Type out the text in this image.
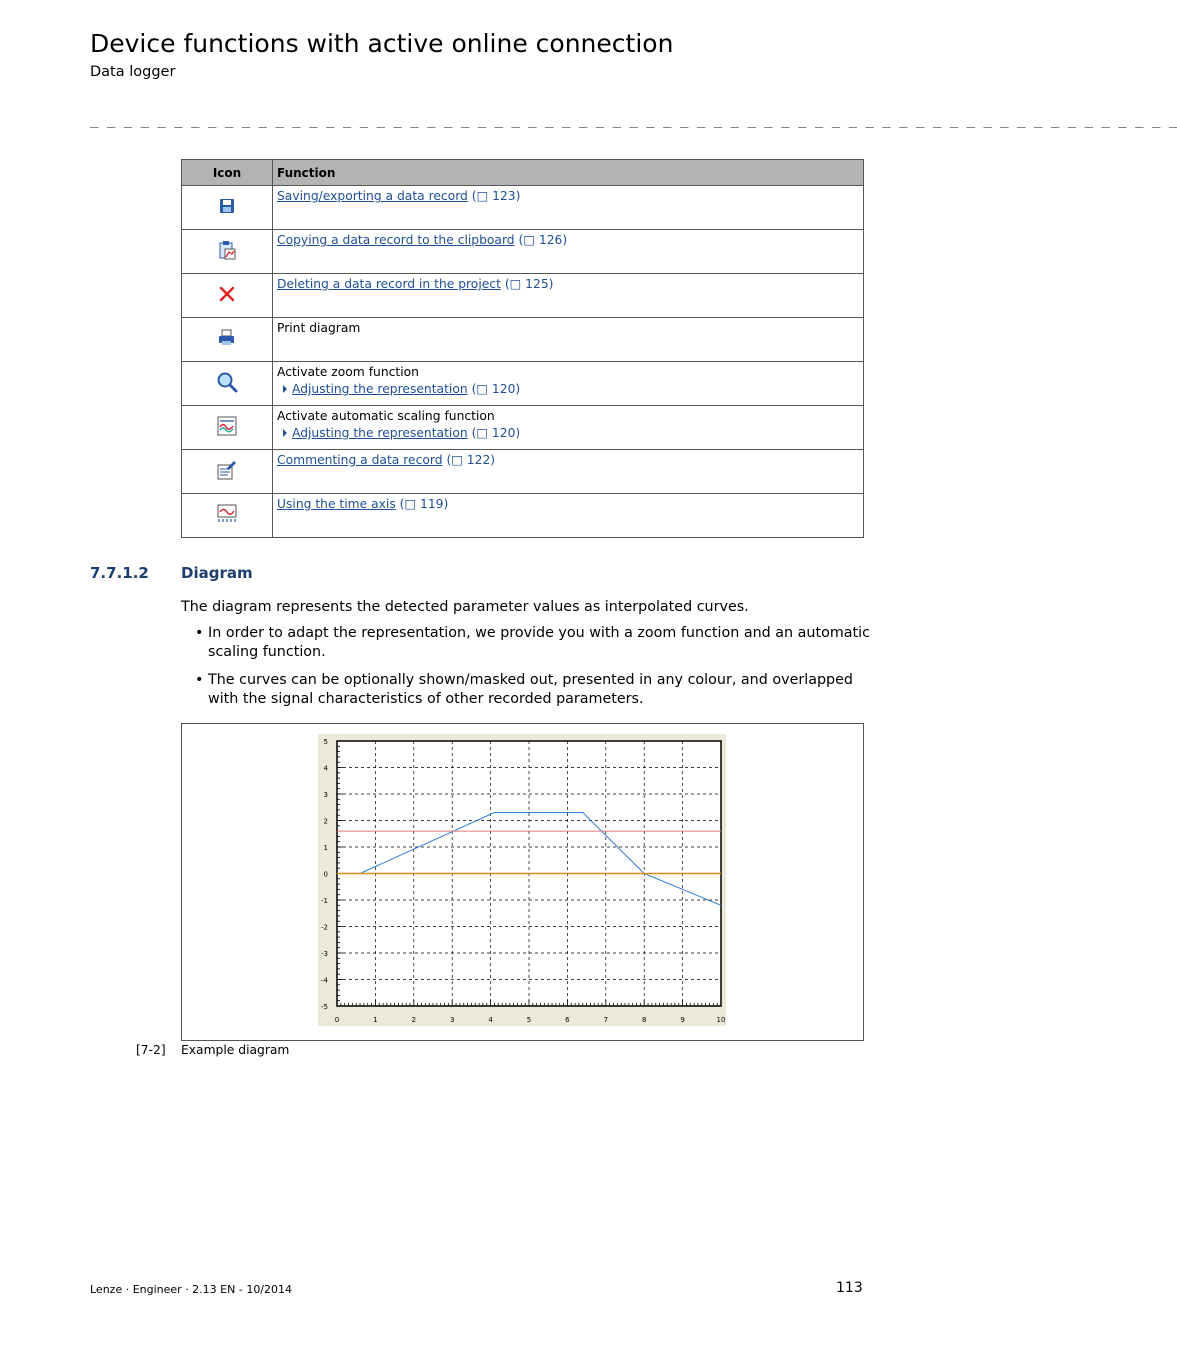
Device functions with active online connection
Data logger
_ _ _ _ _ _ _ _ _ _ _ _ _ _ _ _ _ _ _ _ _ _ _ _ _ _ _ _ _ _ _ _ _ _ _ _ _ _ _ _ _ _ _ _ _ _ _ _ _ _ _ _ _ _ _ _ _ _ _ _ _ _ _ _ _
Icon	Function

Saving/exporting a data record (□ 123)

Copying a data record to the clipboard (□ 126)

Deleting a data record in the project (□ 125)

Print diagram

Activate zoom function
Adjusting the representation (□ 120)

Activate automatic scaling function
Adjusting the representation (□ 120)

Commenting a data record (□ 122)

Using the time axis (□ 119)
7.7.1.2 Diagram
The diagram represents the detected parameter values as interpolated curves.
• In order to adapt the representation, we provide you with a zoom function and an automatic scaling function.
• The curves can be optionally shown/masked out, presented in any colour, and overlapped with the signal characteristics of other recorded parameters.
5
4
3
2
1
0
-1
-2
-3
-4
-5
0	1	2	3	4	5	6	7	8	9	10
[7-2] Example diagram
Lenze · Engineer · 2.13 EN - 10/2014	113
